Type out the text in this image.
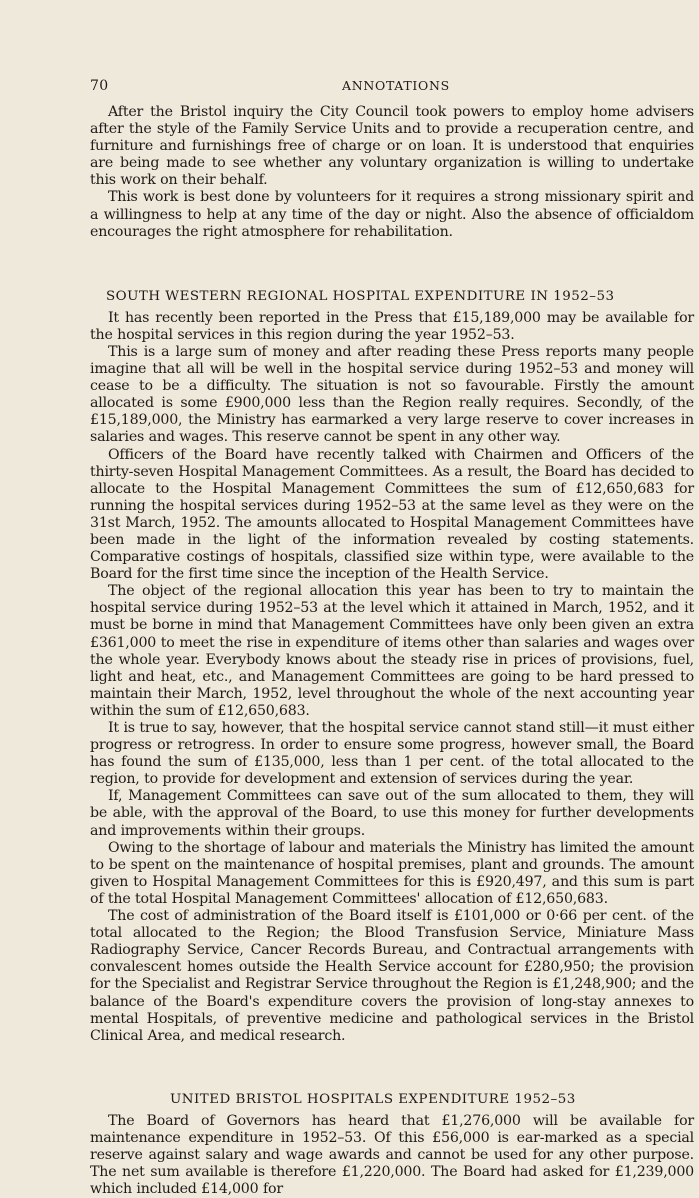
70	ANNOTATIONS

After the Bristol inquiry the City Council took powers to employ home advisers after the style of the Family Service Units and to provide a recuperation centre, and furniture and furnishings free of charge or on loan. It is understood that enquiries are being made to see whether any voluntary organization is willing to undertake this work on their behalf.

This work is best done by volunteers for it requires a strong missionary spirit and a willingness to help at any time of the day or night. Also the absence of officialdom encourages the right atmosphere for rehabilitation.

SOUTH WESTERN REGIONAL HOSPITAL EXPENDITURE IN 1952–53

It has recently been reported in the Press that £15,189,000 may be available for the hospital services in this region during the year 1952–53.

This is a large sum of money and after reading these Press reports many people imagine that all will be well in the hospital service during 1952–53 and money will cease to be a difficulty. The situation is not so favourable. Firstly the amount allocated is some £900,000 less than the Region really requires. Secondly, of the £15,189,000, the Ministry has earmarked a very large reserve to cover increases in salaries and wages. This reserve cannot be spent in any other way.

Officers of the Board have recently talked with Chairmen and Officers of the thirty-seven Hospital Management Committees. As a result, the Board has decided to allocate to the Hospital Management Committees the sum of £12,650,683 for running the hospital services during 1952–53 at the same level as they were on the 31st March, 1952. The amounts allocated to Hospital Management Committees have been made in the light of the information revealed by costing statements. Comparative costings of hospitals, classified size within type, were available to the Board for the first time since the inception of the Health Service.

The object of the regional allocation this year has been to try to maintain the hospital service during 1952–53 at the level which it attained in March, 1952, and it must be borne in mind that Management Committees have only been given an extra £361,000 to meet the rise in expenditure of items other than salaries and wages over the whole year. Everybody knows about the steady rise in prices of provisions, fuel, light and heat, etc., and Management Committees are going to be hard pressed to maintain their March, 1952, level throughout the whole of the next accounting year within the sum of £12,650,683.

It is true to say, however, that the hospital service cannot stand still—it must either progress or retrogress. In order to ensure some progress, however small, the Board has found the sum of £135,000, less than 1 per cent. of the total allocated to the region, to provide for development and extension of services during the year.

If, Management Committees can save out of the sum allocated to them, they will be able, with the approval of the Board, to use this money for further developments and improvements within their groups.

Owing to the shortage of labour and materials the Ministry has limited the amount to be spent on the maintenance of hospital premises, plant and grounds. The amount given to Hospital Management Committees for this is £920,497, and this sum is part of the total Hospital Management Committees' allocation of £12,650,683.

The cost of administration of the Board itself is £101,000 or 0·66 per cent. of the total allocated to the Region; the Blood Transfusion Service, Miniature Mass Radiography Service, Cancer Records Bureau, and Contractual arrangements with convalescent homes outside the Health Service account for £280,950; the provision for the Specialist and Registrar Service throughout the Region is £1,248,900; and the balance of the Board's expenditure covers the provision of long-stay annexes to mental Hospitals, of preventive medicine and pathological services in the Bristol Clinical Area, and medical research.

UNITED BRISTOL HOSPITALS EXPENDITURE 1952–53

The Board of Governors has heard that £1,276,000 will be available for maintenance expenditure in 1952–53. Of this £56,000 is ear-marked as a special reserve against salary and wage awards and cannot be used for any other purpose. The net sum available is therefore £1,220,000. The Board had asked for £1,239,000 which included £14,000 for
